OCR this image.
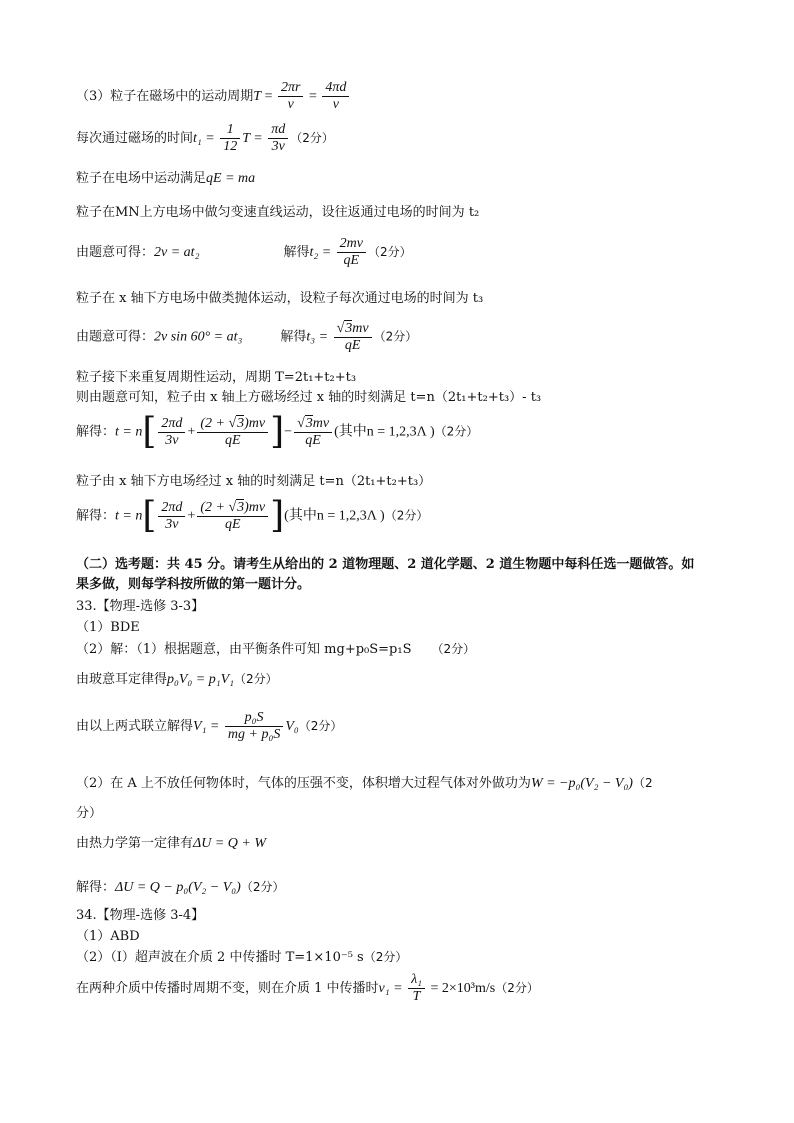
（3）粒子在磁场中的运动周期$T = \frac{2\pi r}{v} = \frac{4\pi d}{v}$
每次通过磁场的时间$t_1 = \frac{1}{12}$ $T = \frac{\pi d}{3v} (2$分）
粒子在电场中运动满足qE = ma
粒子在MN上方电场中做匀变速直线运动，设往返通过电场的时间为 t₂
由题意可得：2v = at₂	解得$t_2 = \frac{2mv}{qE} (2$分）
粒子在 x 轴下方电场中做类抛体运动，设粒子每次通过电场的时间为 t₃
由题意可得：2v sin 60° = at₃	解得$t_3 = \frac{√3mv}{qE} (2$分）
粒子接下来重复周期性运动，周期 T=2t₁+t₂+t₃
则由题意可知，粒子由 x 轴上方磁场经过 x 轴的时刻满足 t=n（2t₁+t₂+t₃）- t₃
解得：$t = n[ \frac{2\pi d}{3v} + \frac{(2 + √3)mv}{qE}$ ]− $\frac{√3mv}{qE}$ (其中n = 1,2,3Λ )（2分）
粒子由 x 轴下方电场经过 x 轴的时刻满足 t=n（2t₁+t₂+t₃）
解得：$t = n[ \frac{2\pi d}{3v} + \frac{(2 + √3)mv}{qE}$ ](其中n = 1,2,3Λ )（2分）
（二）选考题：共 45 分。请考生从给出的 2 道物理题、2 道化学题、2 道生物题中每科任选一题做答。如
果多做，则每学科按所做的第一题计分。
33.【物理-选修 3-3】
（1）BDE
（2）解：（1）根据题意，由平衡条件可知 mg+p₀S=p₁S （2分）
由玻意耳定律得p₀V₀ = p₁V₁（2分）
由以上两式联立解得$V_1 = \frac{\text{p₀S}}{\text{mg + p₀S}} V_0(2$分）
（2）在 A 上不放任何物体时，气体的压强不变，体积增大过程气体对外做功为W = −p₀(V₂ − V₀)（2
分）
由热力学第一定律有ΔU = Q + W
解得：ΔU = Q − p₀(V₂ − V₀)（2分）
34.【物理-选修 3-4】
（1）ABD
（2）（Ⅰ）超声波在介质 2 中传播时 T=1×10⁻⁵ s（2分）
在两种介质中传播时周期不变，则在介质 1 中传播时$v_1 = \frac{\text{λ₁}}{T} = 2\times 10^3m/s(2$分）
